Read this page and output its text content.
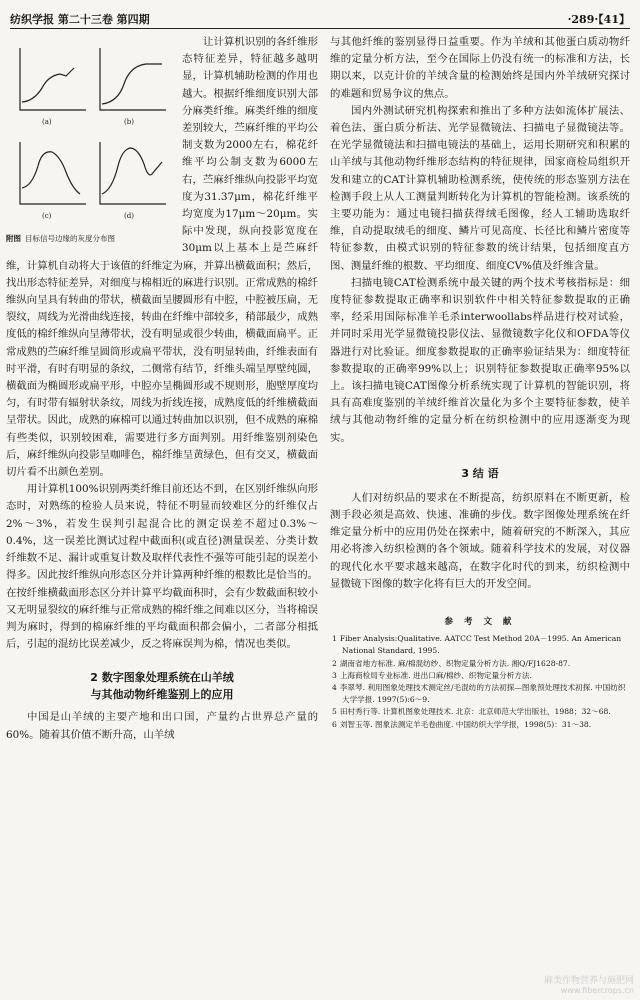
纺织学报 第二十三卷 第四期	·289·【41】
(a)	(b)
(c)	(d)
附图 目标信号边缘的灰度分布图

让计算机识别的各纤维形态特征差异，特征越多越明显，计算机辅助检测的作用也越大。根据纤维细度识别大部分麻类纤维。麻类纤维的细度差别较大，苎麻纤维的平均公制支数为2000左右，棉花纤维平均公制支数为6000左右，苎麻纤维纵向投影平均宽度为31.37μm，棉花纤维平均宽度为17μm～20μm。实际中发现，纵向投影宽度在30μm以上基本上是苎麻纤维，计算机自动将大于该值的纤维定为麻，并算出横截面积；然后，找出形态特征差异，对细度与棉相近的麻进行识别。正常成熟的棉纤维纵向呈具有转曲的带状，横截面呈腰圆形有中腔，中腔被压扁，无裂纹，周线为光滑曲线连接，转曲在纤维中部较多，稍部最少，成熟度低的棉纤维纵向呈薄带状，没有明显或很少转曲，横截面扁平。正常成熟的苎麻纤维呈圆筒形或扁平带状，没有明显转曲，纤维表面有时平滑，有时有明显的条纹，二侧常有结节，纤维头端呈厚壁纯圆，横截面为椭圆形或扁平形，中腔亦呈椭圆形或不规则形，胞壁厚度均匀，有时带有辐射状条纹，周线为折线连接，成熟度低的纤维横截面呈带状。因此，成熟的麻棉可以通过转曲加以识别，但不成熟的麻棉有些类似，识别较困难，需要进行多方面判别。用纤维鉴别剂染色后，麻纤维纵向投影呈咖啡色，棉纤维呈黄绿色，但有交叉，横截面切片看不出颜色差别。

用计算机100%识别两类纤维目前还达不到，在区别纤维纵向形态时，对熟练的检验人员来说，特征不明显而较难区分的纤维仅占2%～3%，若发生误判引起混合比的测定误差不超过0.3%～0.4%，这一误差比测试过程中截面积(或直径)测量误差、分类计数纤维数不足、漏计或重复计数及取样代表性不强等可能引起的误差小得多。因此按纤维纵向形态区分并计算两种纤维的根数比是恰当的。在按纤维横截面形态区分并计算平均截面积时，会有少数截面积较小又无明显裂纹的麻纤维与正常成熟的棉纤维之间难以区分，当将棉误判为麻时，得到的棉麻纤维的平均截面积都会偏小，二者部分相抵后，引起的混纺比误差减少，反之将麻误判为棉，情况也类似。

2 数字图象处理系统在山羊绒
与其他动物纤维鉴别上的应用

中国是山羊绒的主要产地和出口国，产量约占世界总产量的60%。随着其价值不断升高，山羊绒

与其他纤维的鉴别显得日益重要。作为羊绒和其他蛋白质动物纤维的定量分析方法，至今在国际上仍没有统一的标准和方法，长期以来，以克计价的羊绒含量的检测始终是国内外羊绒研究探讨的难题和贸易争议的焦点。

国内外测试研究机构探索和推出了多种方法如流体扩展法、着色法、蛋白质分析法、光学显微镜法、扫描电子显微镜法等。在光学显微镜法和扫描电镜法的基础上，运用长期研究和积累的山羊绒与其他动物纤维形态结构的特征规律，国家商检局组织开发和建立的CAT计算机辅助检测系统，使传统的形态鉴别方法在检测手段上从人工测量判断转化为计算机的智能检测。该系统的主要功能为：通过电镜扫描获得绒毛图像，经人工辅助选取纤维，自动提取绒毛的细度、鳞片可见高度、长径比和鳞片密度等特征参数，由模式识别的特征参数的统计结果，包括细度直方图、测量纤维的根数、平均细度、细度CV%值及纤维含量。

扫描电镜CAT检测系统中最关键的两个技术考核指标是：细度特征参数提取正确率和识别软件中相关特征参数提取的正确率，经采用国际标准羊毛杀interwoollabs样品进行校对试验，并同时采用光学显微镜投影仪法、显微镜数字化仪和OFDA等仪器进行对比验证。细度参数提取的正确率验证结果为：细度特征参数提取的正确率99%以上；识别特征参数提取正确率95%以上。该扫描电镜CAT图像分析系统实现了计算机的智能识别，将具有高难度鉴别的羊绒纤维首次量化为多个主要特征参数，使羊绒与其他动物纤维的定量分析在纺织检测中的应用逐渐变为现实。

3 结 语

人们对纺织品的要求在不断提高，纺织原料在不断更新，检测手段必须是高效、快速、准确的步伐。数字图像处理系统在纤维定量分析中的应用仍处在探索中，随着研究的不断深入，其应用必将渗入纺织检测的各个领域。随着科学技术的发展，对仪器的现代化水平要求越来越高，在数字化时代的到来，纺织检测中显微镜下图像的数字化将有巨大的开发空间。

参 考 文 献

1 Fiber Analysis:Qualitative. AATCC Test Method 20A－1995. An American National Standard, 1995.

2 湖南省地方标准. 麻/棉混纺纱、织物定量分析方法. 湘Q/FJ1628-87.

3 上海商检局专业标准. 进出口麻/棉纱、织物定量分析方法.

4 李翠琴. 利用图象处理技术测定丝/毛混纺的方法初探—图象预处理技术初探. 中国纺织大学学报. 1997(5):6～9.

5 田村秀行等. 计算机图象处理技术. 北京：北京师范大学出版社，1988；32～68.

6 刘智玉等. 图象法测定羊毛卷曲度. 中国纺织大学学报，1998(5)：31～38.

麻类作物营养与施肥网
www.fibercrops.cn
